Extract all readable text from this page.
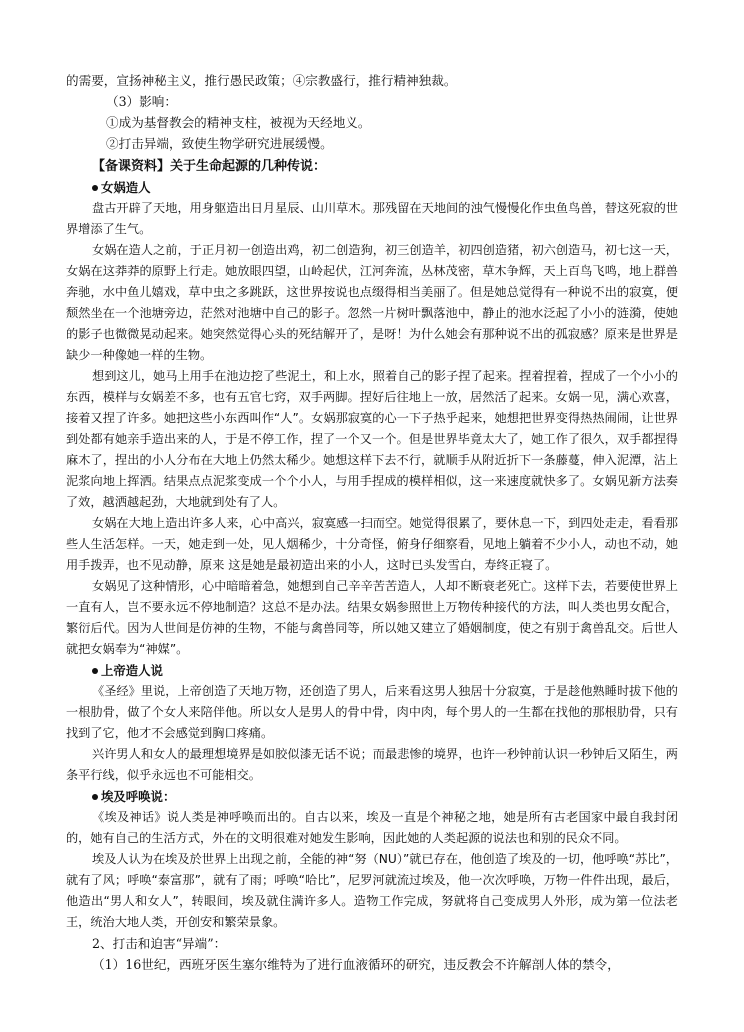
的需要，宣扬神秘主义，推行愚民政策；④宗教盛行，推行精神独裁。

（3）影响：

①成为基督教会的精神支柱，被视为天经地义。

②打击异端，致使生物学研究进展缓慢。

【备课资料】关于生命起源的几种传说：

女娲造人

盘古开辟了天地，用身躯造出日月星辰、山川草木。那残留在天地间的浊气慢慢化作虫鱼鸟兽，替这死寂的世界增添了生气。

女娲在造人之前，于正月初一创造出鸡，初二创造狗，初三创造羊，初四创造猪，初六创造马，初七这一天，女娲在这莽莽的原野上行走。她放眼四望，山岭起伏，江河奔流，丛林茂密，草木争辉，天上百鸟飞鸣，地上群兽奔驰，水中鱼儿嬉戏，草中虫之多跳跃，这世界按说也点缀得相当美丽了。但是她总觉得有一种说不出的寂寞，便颓然坐在一个池塘旁边，茫然对池塘中自己的影子。忽然一片树叶飘落池中，静止的池水泛起了小小的涟漪，使她的影子也微微晃动起来。她突然觉得心头的死结解开了，是呀！为什么她会有那种说不出的孤寂感？原来是世界是缺少一种像她一样的生物。

想到这儿，她马上用手在池边挖了些泥土，和上水，照着自己的影子捏了起来。捏着捏着，捏成了一个小小的东西，模样与女娲差不多，也有五官七窍，双手两脚。捏好后往地上一放，居然活了起来。女娲一见，满心欢喜，接着又捏了许多。她把这些小东西叫作“人”。女娲那寂寞的心一下子热乎起来，她想把世界变得热热闹闹，让世界到处都有她亲手造出来的人，于是不停工作，捏了一个又一个。但是世界毕竟太大了，她工作了很久，双手都捏得麻木了，捏出的小人分布在大地上仍然太稀少。她想这样下去不行，就顺手从附近折下一条藤蔓，伸入泥潭，沾上泥浆向地上挥洒。结果点点泥浆变成一个个小人，与用手捏成的模样相似，这一来速度就快多了。女娲见新方法奏了效，越洒越起劲，大地就到处有了人。

女娲在大地上造出许多人来，心中高兴，寂寞感一扫而空。她觉得很累了，要休息一下，到四处走走，看看那些人生活怎样。一天，她走到一处，见人烟稀少，十分奇怪，俯身仔细察看，见地上躺着不少小人，动也不动，她用手拨弄，也不见动静，原来 这是她是最初造出来的小人，这时已头发雪白，寿终正寝了。

女娲见了这种情形，心中暗暗着急，她想到自己辛辛苦苦造人，人却不断衰老死亡。这样下去，若要使世界上一直有人，岂不要永远不停地制造？这总不是办法。结果女娲参照世上万物传种接代的方法，叫人类也男女配合，繁衍后代。因为人世间是仿神的生物，不能与禽兽同等，所以她又建立了婚姻制度，使之有别于禽兽乱交。后世人就把女娲奉为“神媒”。

上帝造人说

《圣经》里说，上帝创造了天地万物，还创造了男人，后来看这男人独居十分寂寞，于是趁他熟睡时拔下他的一根肋骨，做了个女人来陪伴他。所以女人是男人的骨中骨，肉中肉，每个男人的一生都在找他的那根肋骨，只有找到了它，他才不会感觉到胸口疼痛。

兴许男人和女人的最理想境界是如胶似漆无话不说；而最悲惨的境界，也许一秒钟前认识一秒钟后又陌生，两条平行线，似乎永远也不可能相交。

埃及呼唤说：

《埃及神话》说人类是神呼唤而出的。自古以来，埃及一直是个神秘之地，她是所有古老国家中最自我封闭的，她有自己的生活方式，外在的文明很难对她发生影响，因此她的人类起源的说法也和别的民众不同。

埃及人认为在埃及於世界上出现之前，全能的神“努（NU）”就已存在，他创造了埃及的一切，他呼唤“苏比”，就有了风；呼唤“泰富那”，就有了雨；呼唤“哈比”，尼罗河就流过埃及，他一次次呼唤，万物一件件出现，最后，他造出“男人和女人”，转眼间，埃及就住满许多人。造物工作完成，努就将自己变成男人外形，成为第一位法老王，统治大地人类，开创安和繁荣景象。

2、打击和迫害“异端”：

（1）16世纪，西班牙医生塞尔维特为了进行血液循环的研究，违反教会不许解剖人体的禁令，
